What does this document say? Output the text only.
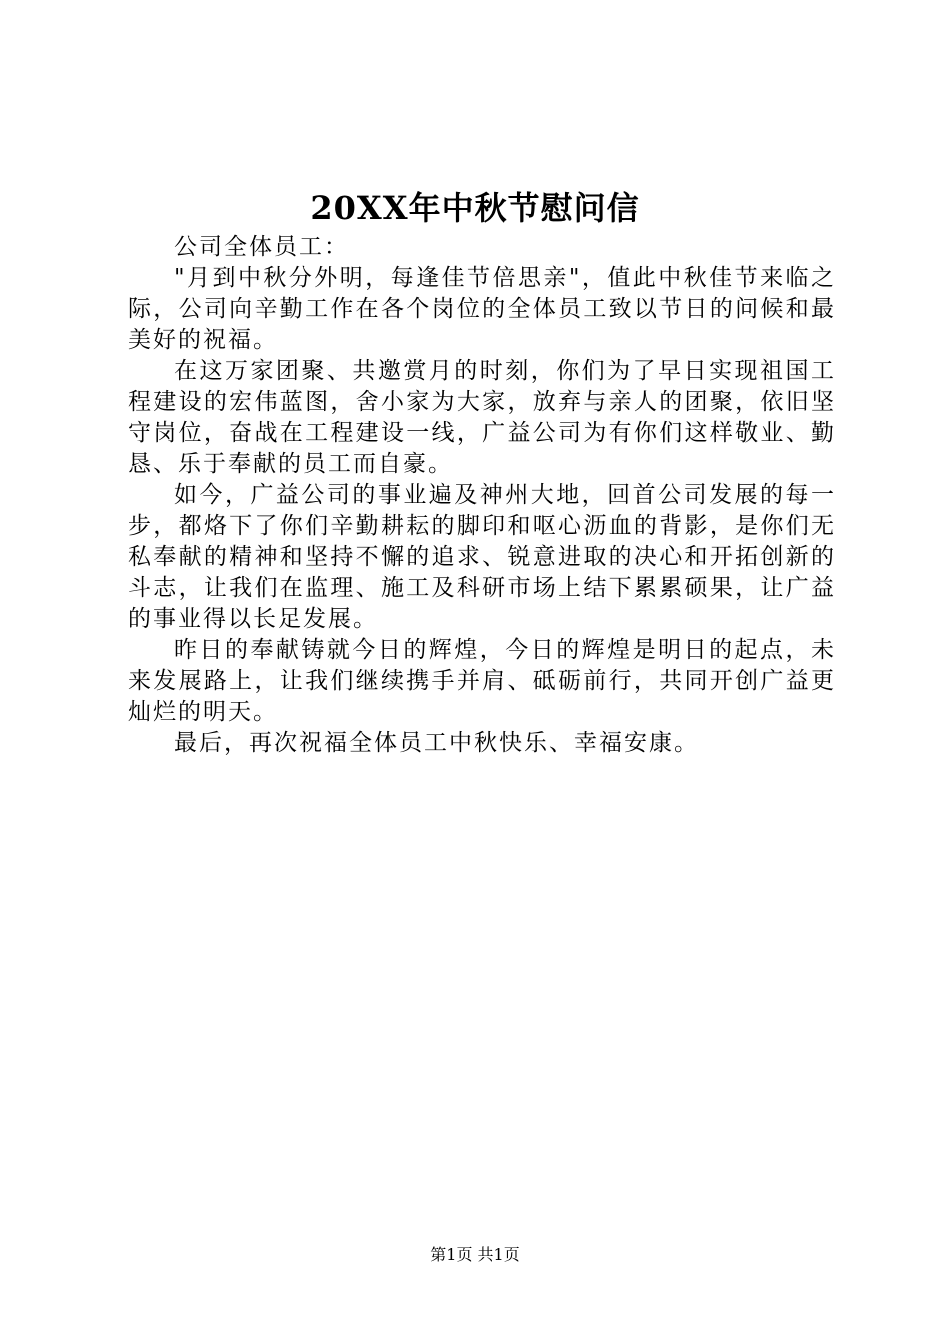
20XX年中秋节慰问信

公司全体员工：

"月到中秋分外明，每逢佳节倍思亲"，值此中秋佳节来临之际，公司向辛勤工作在各个岗位的全体员工致以节日的问候和最美好的祝福。

在这万家团聚、共邀赏月的时刻，你们为了早日实现祖国工程建设的宏伟蓝图，舍小家为大家，放弃与亲人的团聚，依旧坚守岗位，奋战在工程建设一线，广益公司为有你们这样敬业、勤恳、乐于奉献的员工而自豪。

如今，广益公司的事业遍及神州大地，回首公司发展的每一步，都烙下了你们辛勤耕耘的脚印和呕心沥血的背影，是你们无私奉献的精神和坚持不懈的追求、锐意进取的决心和开拓创新的斗志，让我们在监理、施工及科研市场上结下累累硕果，让广益的事业得以长足发展。

昨日的奉献铸就今日的辉煌，今日的辉煌是明日的起点，未来发展路上，让我们继续携手并肩、砥砺前行，共同开创广益更灿烂的明天。

最后，再次祝福全体员工中秋快乐、幸福安康。

第1页 共1页
